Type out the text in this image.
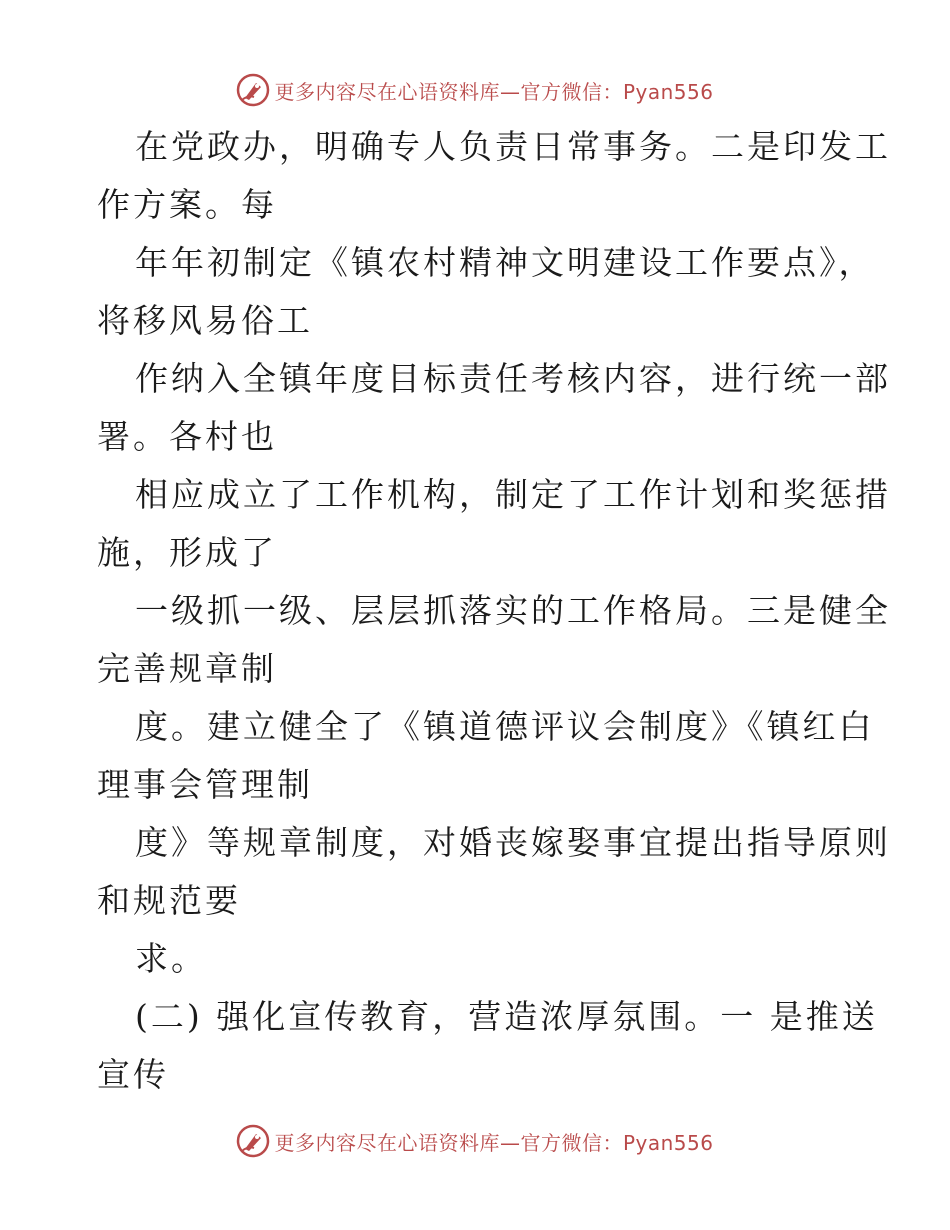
更多内容尽在心语资料库—官方微信：Pyan556
在党政办，明确专人负责日常事务。二是印发工
作方案。每
年年初制定《镇农村精神文明建设工作要点》，
将移风易俗工
作纳入全镇年度目标责任考核内容，进行统一部
署。各村也
相应成立了工作机构，制定了工作计划和奖惩措
施，形成了
一级抓一级、层层抓落实的工作格局。三是健全
完善规章制
度。建立健全了《镇道德评议会制度》《镇红白
理事会管理制
度》等规章制度，对婚丧嫁娶事宜提出指导原则
和规范要
求。
(二) 强化宣传教育，营造浓厚氛围。一 是推送
宣传
更多内容尽在心语资料库—官方微信：Pyan556
